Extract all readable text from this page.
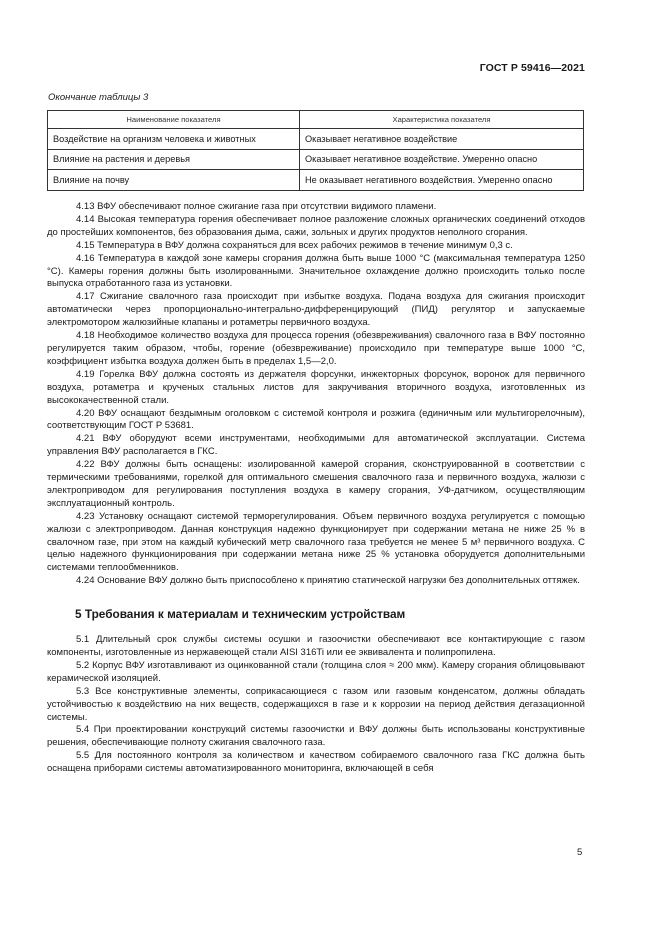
ГОСТ Р 59416—2021
Окончание таблицы 3
Наименование показателя	Характеристика показателя
Воздействие на организм человека и животных	Оказывает негативное воздействие
Влияние на растения и деревья	Оказывает негативное воздействие. Умеренно опасно
Влияние на почву	Не оказывает негативного воздействия. Умеренно опасно

4.13 ВФУ обеспечивают полное сжигание газа при отсутствии видимого пламени.

4.14 Высокая температура горения обеспечивает полное разложение сложных органических соединений отходов до простейших компонентов, без образования дыма, сажи, зольных и других продуктов неполного сгорания.

4.15 Температура в ВФУ должна сохраняться для всех рабочих режимов в течение минимум 0,3 с.

4.16 Температура в каждой зоне камеры сгорания должна быть выше 1000 °С (максимальная температура 1250 °С). Камеры горения должны быть изолированными. Значительное охлаждение должно происходить только после выпуска отработанного газа из установки.

4.17 Сжигание свалочного газа происходит при избытке воздуха. Подача воздуха для сжигания происходит автоматически через пропорционально-интегрально-дифференцирующий (ПИД) регулятор и запускаемые электромотором жалюзийные клапаны и ротаметры первичного воздуха.

4.18 Необходимое количество воздуха для процесса горения (обезвреживания) свалочного газа в ВФУ постоянно регулируется таким образом, чтобы, горение (обезвреживание) происходило при температуре выше 1000 °С, коэффициент избытка воздуха должен быть в пределах 1,5—2,0.

4.19 Горелка ВФУ должна состоять из держателя форсунки, инжекторных форсунок, воронок для первичного воздуха, ротаметра и крученых стальных листов для закручивания вторичного воздуха, изготовленных из высококачественной стали.

4.20 ВФУ оснащают бездымным оголовком с системой контроля и розжига (единичным или мультигорелочным), соответствующим ГОСТ Р 53681.

4.21 ВФУ оборудуют всеми инструментами, необходимыми для автоматической эксплуатации. Система управления ВФУ располагается в ГКС.

4.22 ВФУ должны быть оснащены: изолированной камерой сгорания, сконструированной в соответствии с термическими требованиями, горелкой для оптимального смешения свалочного газа и первичного воздуха, жалюзи с электроприводом для регулирования поступления воздуха в камеру сгорания, УФ-датчиком, осуществляющим эксплуатационный контроль.

4.23 Установку оснащают системой терморегулирования. Объем первичного воздуха регулируется с помощью жалюзи с электроприводом. Данная конструкция надежно функционирует при содержании метана не ниже 25 % в свалочном газе, при этом на каждый кубический метр свалочного газа требуется не менее 5 м³ первичного воздуха. С целью надежного функционирования при содержании метана ниже 25 % установка оборудуется дополнительными системами теплообменников.

4.24 Основание ВФУ должно быть приспособлено к принятию статической нагрузки без дополнительных оттяжек.

5 Требования к материалам и техническим устройствам

5.1 Длительный срок службы системы осушки и газоочистки обеспечивают все контактирующие с газом компоненты, изготовленные из нержавеющей стали AISI 316Ti или ее эквивалента и полипропилена.

5.2 Корпус ВФУ изготавливают из оцинкованной стали (толщина слоя ≈ 200 мкм). Камеру сгорания облицовывают керамической изоляцией.

5.3 Все конструктивные элементы, соприкасающиеся с газом или газовым конденсатом, должны обладать устойчивостью к воздействию на них веществ, содержащихся в газе и к коррозии на период действия дегазационной системы.

5.4 При проектировании конструкций системы газоочистки и ВФУ должны быть использованы конструктивные решения, обеспечивающие полноту сжигания свалочного газа.

5.5 Для постоянного контроля за количеством и качеством собираемого свалочного газа ГКС должна быть оснащена приборами системы автоматизированного мониторинга, включающей в себя

5
